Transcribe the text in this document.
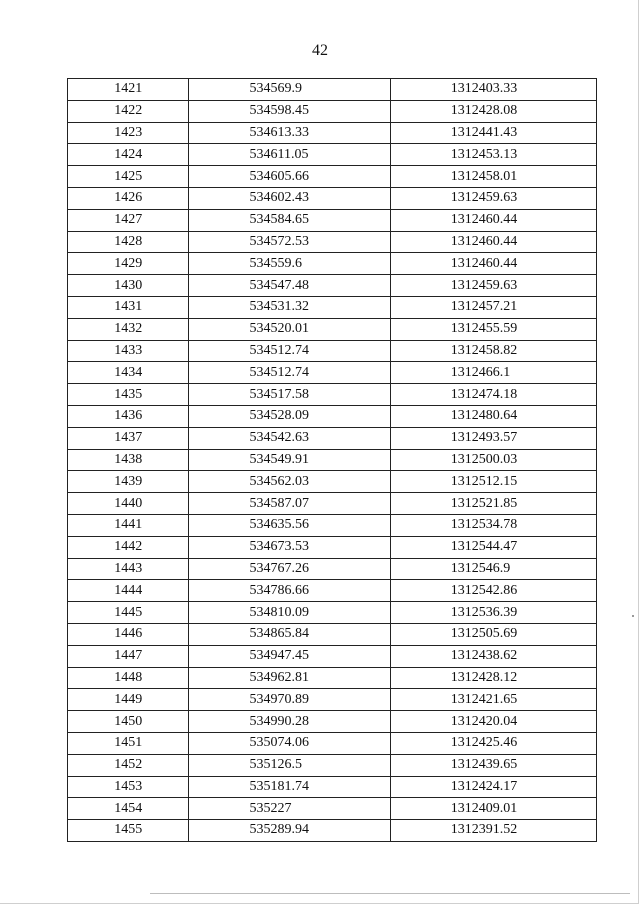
42
1421	534569.9	1312403.33
1422	534598.45	1312428.08
1423	534613.33	1312441.43
1424	534611.05	1312453.13
1425	534605.66	1312458.01
1426	534602.43	1312459.63
1427	534584.65	1312460.44
1428	534572.53	1312460.44
1429	534559.6	1312460.44
1430	534547.48	1312459.63
1431	534531.32	1312457.21
1432	534520.01	1312455.59
1433	534512.74	1312458.82
1434	534512.74	1312466.1
1435	534517.58	1312474.18
1436	534528.09	1312480.64
1437	534542.63	1312493.57
1438	534549.91	1312500.03
1439	534562.03	1312512.15
1440	534587.07	1312521.85
1441	534635.56	1312534.78
1442	534673.53	1312544.47
1443	534767.26	1312546.9
1444	534786.66	1312542.86
1445	534810.09	1312536.39
1446	534865.84	1312505.69
1447	534947.45	1312438.62
1448	534962.81	1312428.12
1449	534970.89	1312421.65
1450	534990.28	1312420.04
1451	535074.06	1312425.46
1452	535126.5	1312439.65
1453	535181.74	1312424.17
1454	535227	1312409.01
1455	535289.94	1312391.52
